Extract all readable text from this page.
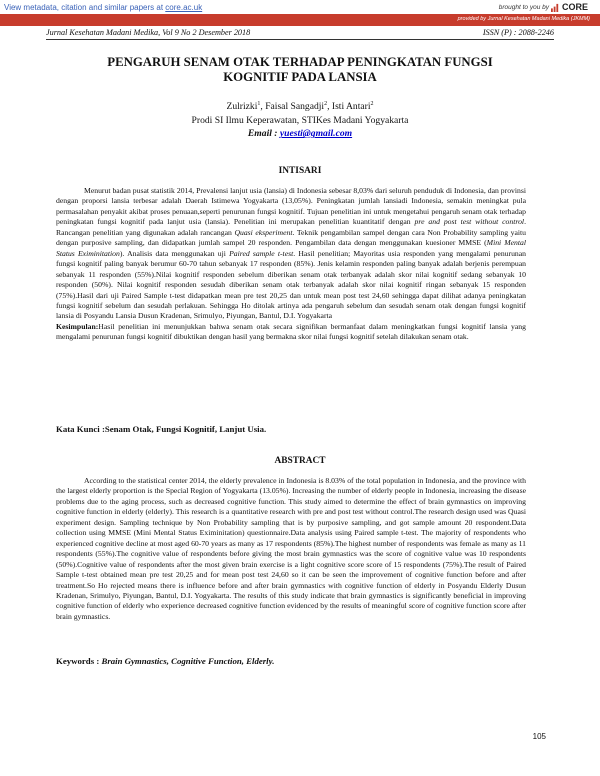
View metadata, citation and similar papers at core.ac.uk	brought to you by CORE
provided by Jurnal Kesehatan Madani Medika (JKMM)
Jurnal Kesehatan Madani Medika, Vol 9 No 2 Desember 2018	ISSN (P) : 2088-2246
PENGARUH SENAM OTAK TERHADAP PENINGKATAN FUNGSI
KOGNITIF PADA LANSIA
Zulrizki$^1$, Faisal Sangadji$^2$, Isti Antari$^2$
Prodi SI Ilmu Keperawatan, STIKes Madani Yogyakarta
Email : yuesti@gmail.com
INTISARI

Menurut badan pusat statistik 2014, Prevalensi lanjut usia (lansia) di Indonesia sebesar 8,03% dari seluruh penduduk di Indonesia, dan provinsi dengan proporsi lansia terbesar adalah Daerah Istimewa Yogyakarta (13,05%). Peningkatan jumlah lansiadi Indonesia, semakin meningkat pula permasalahan penyakit akibat proses penuaan,seperti penurunan fungsi kognitif. Tujuan penelitian ini untuk mengetahui pengaruh senam otak terhadap peningkatan fungsi kognitif pada lanjut usia (lansia). Penelitian ini merupakan penelitian kuantitatif dengan pre and post test without control. Rancangan penelitian yang digunakan adalah rancangan Quasi eksperiment. Teknik pengambilan sampel dengan cara Non Probability sampling yaitu dengan purposive sampling, dan didapatkan jumlah sampel 20 responden. Pengambilan data dengan menggunakan kuesioner MMSE (Mini Mental Status Eximinitation). Analisis data menggunakan uji Paired sample t-test. Hasil penelitian; Mayoritas usia responden yang mengalami penurunan fungsi kognitif paling banyak berumur 60-70 tahun sebanyak 17 responden (85%). Jenis kelamin responden paling banyak adalah berjenis perempuan sebanyak 11 responden (55%).Nilai kognitif responden sebelum diberikan senam otak terbanyak adalah skor nilai kognitif sedang sebanyak 10 responden (50%). Nilai kognitif responden sesudah diberikan senam otak terbanyak adalah skor nilai kognitif ringan sebanyak 15 responden (75%).Hasil dari uji Paired Sample t-test didapatkan mean pre test 20,25 dan untuk mean post test 24,60 sehingga dapat dilihat adanya peningkatan fungsi kognitif sebelum dan sesudah perlakuan. Sehingga Ho ditolak artinya ada pengaruh sebelum dan sesudah senam otak dengan fungsi kognitif lansia di Posyandu Lansia Dusun Kradenan, Srimulyo, Piyungan, Bantul, D.I. Yogyakarta

Kesimpulan:Hasil penelitian ini menunjukkan bahwa senam otak secara signifikan bermanfaat dalam meningkatkan fungsi kognitif lansia yang mengalami penurunan fungsi kognitif dibuktikan dengan hasil yang bermakna skor nilai fungsi kognitif setelah dilakukan senam otak.

Kata Kunci :Senam Otak, Fungsi Kognitif, Lanjut Usia.
ABSTRACT

According to the statistical center 2014, the elderly prevalence in Indonesia is 8.03% of the total population in Indonesia, and the province with the largest elderly proportion is the Special Region of Yogyakarta (13.05%). Increasing the number of elderly people in Indonesia, increasing the disease problems due to the aging process, such as decreased cognitive function. This study aimed to determine the effect of brain gymnastics on improving cognitive function in elderly (elderly). This research is a quantitative research with pre and post test without control.The research design used was Quasi experiment design. Sampling technique by Non Probability sampling that is by purposive sampling, and got sample amount 20 respondent.Data collection using MMSE (Mini Mental Status Eximinitation) questionnaire.Data analysis using Paired sample t-test. The majority of respondents who experienced cognitive decline at most aged 60-70 years as many as 17 respondents (85%).The highest number of respondents was female as many as 11 respondents (55%).The cognitive value of respondents before giving the most brain gymnastics was the score of cognitive value was 10 respondents (50%).Cognitive value of respondents after the most given brain exercise is a light cognitive score score of 15 respondents (75%).The result of Paired Sample t-test obtained mean pre test 20,25 and for mean post test 24,60 so it can be seen the improvement of cognitive function before and after treatment.So Ho rejected means there is influence before and after brain gymnastics with cognitive function of elderly in Posyandu Elderly Dusun Kradenan, Srimulyo, Piyungan, Bantul, D.I. Yogyakarta. The results of this study indicate that brain gymnastics is significantly beneficial in improving cognitive function of elderly who experience decreased cognitive function evidenced by the results of meaningful score of cognitive function score after brain gymnastics.

Keywords : Brain Gymnastics, Cognitive Function, Elderly.
105
